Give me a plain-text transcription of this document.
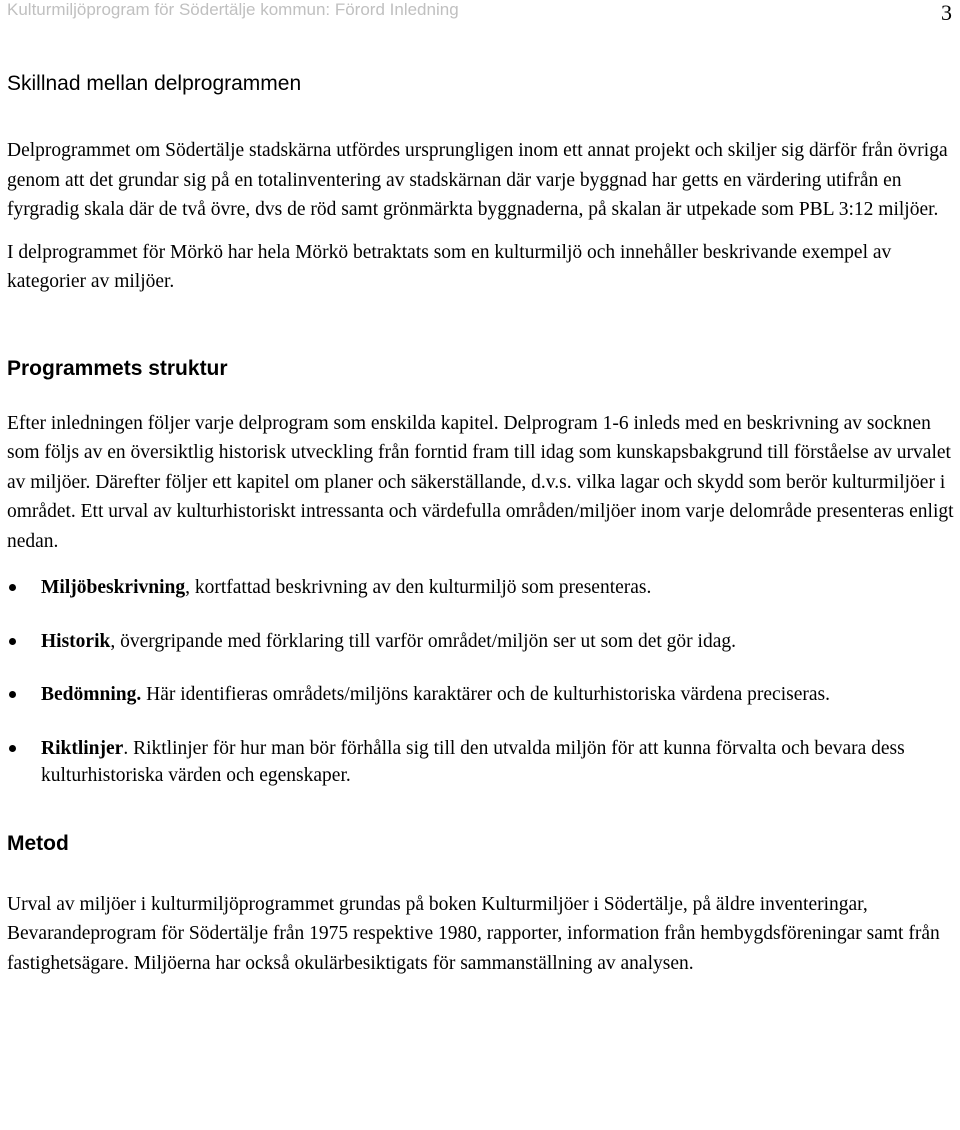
Kulturmiljöprogram för Södertälje kommun: Förord Inledning	3
Skillnad mellan delprogrammen

Delprogrammet om Södertälje stadskärna utfördes ursprungligen inom ett annat projekt och skiljer sig därför från övriga genom att det grundar sig på en totalinventering av stadskärnan där varje byggnad har getts en värdering utifrån en fyrgradig skala där de två övre, dvs de röd samt grönmärkta byggnaderna, på skalan är utpekade som PBL 3:12 miljöer.

I delprogrammet för Mörkö har hela Mörkö betraktats som en kulturmiljö och innehåller beskrivande exempel av kategorier av miljöer.

Programmets struktur

Efter inledningen följer varje delprogram som enskilda kapitel. Delprogram 1-6 inleds med en beskrivning av socknen som följs av en översiktlig historisk utveckling från forntid fram till idag som kunskapsbakgrund till förståelse av urvalet av miljöer. Därefter följer ett kapitel om planer och säkerställande, d.v.s. vilka lagar och skydd som berör kulturmiljöer i området. Ett urval av kulturhistoriskt intressanta och värdefulla områden/miljöer inom varje delområde presenteras enligt nedan.

Miljöbeskrivning, kortfattad beskrivning av den kulturmiljö som presenteras.
Historik, övergripande med förklaring till varför området/miljön ser ut som det gör idag.
Bedömning. Här identifieras områdets/miljöns karaktärer och de kulturhistoriska värdena preciseras.
Riktlinjer. Riktlinjer för hur man bör förhålla sig till den utvalda miljön för att kunna förvalta och bevara dess kulturhistoriska värden och egenskaper.
Metod

Urval av miljöer i kulturmiljöprogrammet grundas på boken Kulturmiljöer i Södertälje, på äldre inventeringar, Bevarandeprogram för Södertälje från 1975 respektive 1980, rapporter, information från hembygdsföreningar samt från fastighetsägare. Miljöerna har också okulärbesiktigats för sammanställning av analysen.
